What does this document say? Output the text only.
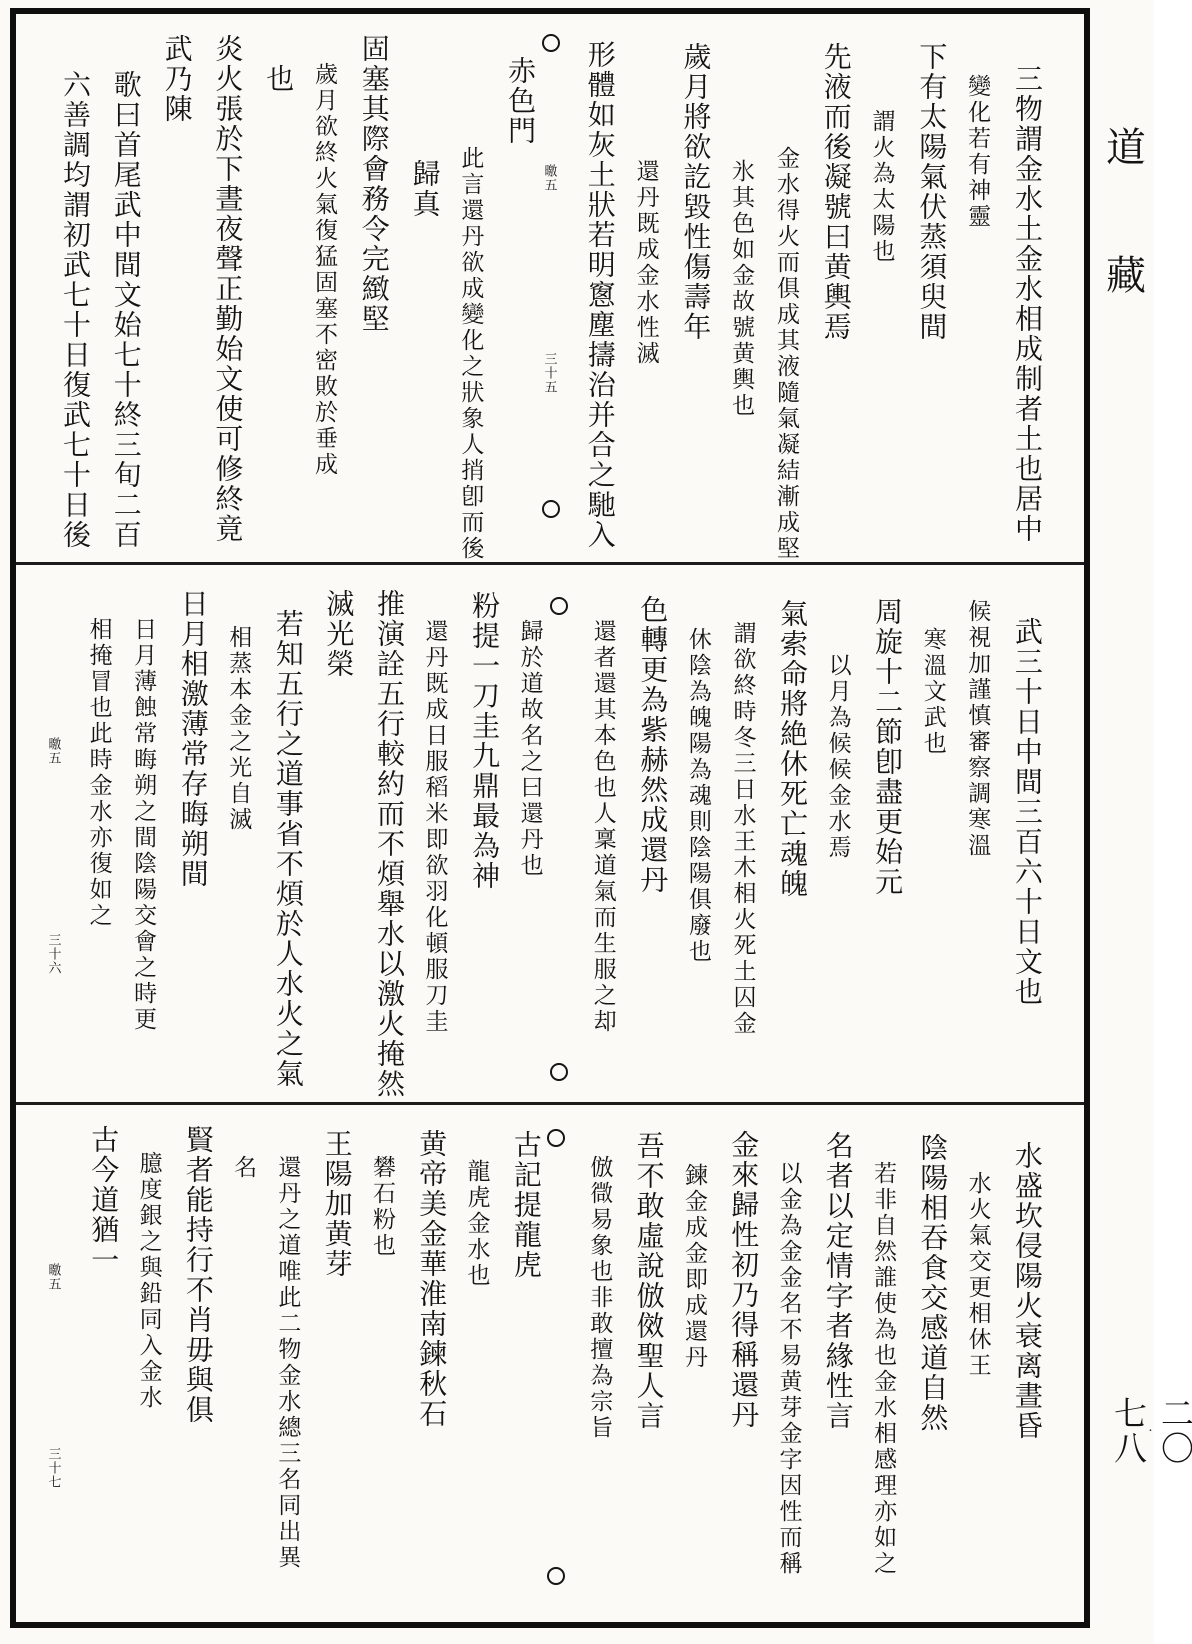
三物謂金水土金水相成制者土也居中
變化若有神靈
下有太陽氣伏蒸須臾間
謂火為太陽也
先液而後凝號曰黄輿焉
金水得火而俱成其液隨氣凝結漸成堅
氷其色如金故號黄輿也
歲月將欲訖毀性傷壽年
還丹既成金水性滅
形體如灰土狀若明窻塵擣治并合之馳入
曒五
三十五
赤色門
此言還丹欲成變化之狀象人捎卽而後
歸真
固塞其際會務令完緻堅
歲月欲終火氣復猛固塞不密敗於垂成
也
炎火張於下晝夜聲正勤始文使可修終竟
武乃陳
歌曰首尾武中間文始七十終三旬二百
六善調均謂初武七十日復武七十日後
武三十日中間三百六十日文也
候視加謹慎審察調寒溫
寒溫文武也
周旋十二節卽盡更始元
以月為候候金水焉
氣索命將絶休死亡魂魄
謂欲終時冬三日水王木相火死土囚金
休陰為魄陽為魂則陰陽俱廢也
色轉更為紫赫然成還丹
還者還其本色也人稟道氣而生服之却
歸於道故名之曰還丹也
粉提一刀圭九鼎最為神
還丹既成日服稻米即欲羽化頓服刀圭
推演詮五行較約而不煩舉水以激火掩然
滅光榮
若知五行之道事省不煩於人水火之氣
相蒸本金之光自滅
日月相激薄常存晦朔間
日月薄蝕常晦朔之間陰陽交會之時更
相掩冒也此時金水亦復如之
曒五
三十六
水盛坎侵陽火衰离晝昏
水火氣交更相休王
陰陽相吞食交感道自然
若非自然誰使為也金水相感理亦如之
名者以定情字者緣性言
以金為金金名不易黄芽金字因性而稱
金來歸性初乃得稱還丹
鍊金成金即成還丹
吾不敢虛說倣傚聖人言
倣㣲易象也非敢擅為宗旨
古記提龍虎
龍虎金水也
黄帝美金華淮南鍊秋石
礬石粉也
王陽加黄芽
還丹之道唯此二物金水總三名同出異
名
賢者能持行不肖毋與俱
臆度銀之與鉛同入金水
古今道猶一
曒五
三十七
道
藏
二〇
·
七八
